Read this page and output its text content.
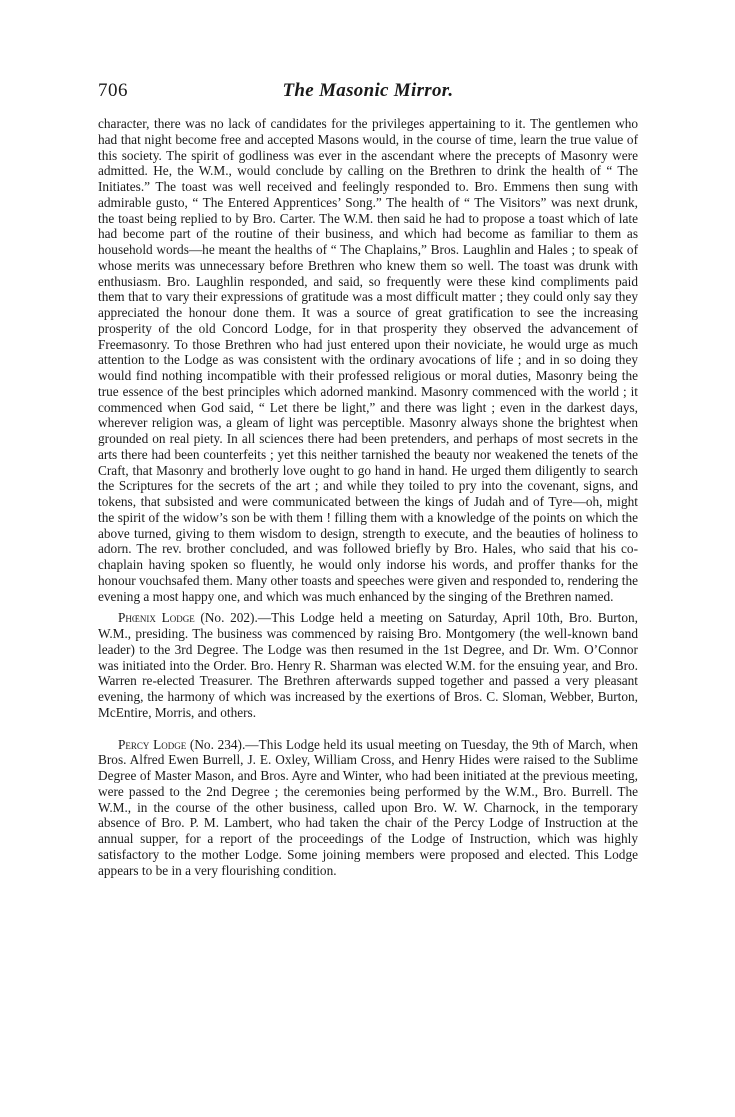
706	The Masonic Mirror.

character, there was no lack of candidates for the privileges appertaining to it. The gentlemen who had that night become free and accepted Masons would, in the course of time, learn the true value of this society. The spirit of godliness was ever in the ascendant where the precepts of Masonry were admitted. He, the W.M., would conclude by calling on the Brethren to drink the health of “ The Initiates.” The toast was well received and feelingly responded to. Bro. Emmens then sung with admirable gusto, “ The Entered Apprentices’ Song.” The health of “ The Visitors” was next drunk, the toast being replied to by Bro. Carter. The W.M. then said he had to propose a toast which of late had become part of the routine of their business, and which had become as familiar to them as household words—he meant the healths of “ The Chaplains,” Bros. Laughlin and Hales ; to speak of whose merits was unnecessary before Brethren who knew them so well. The toast was drunk with enthusiasm. Bro. Laughlin responded, and said, so frequently were these kind compliments paid them that to vary their expressions of gratitude was a most difficult matter ; they could only say they appreciated the honour done them. It was a source of great gratification to see the increasing prosperity of the old Concord Lodge, for in that prosperity they observed the advancement of Freemasonry. To those Brethren who had just entered upon their noviciate, he would urge as much attention to the Lodge as was consistent with the ordinary avocations of life ; and in so doing they would find nothing incompatible with their professed religious or moral duties, Masonry being the true essence of the best principles which adorned mankind. Masonry commenced with the world ; it commenced when God said, “ Let there be light,” and there was light ; even in the darkest days, wherever religion was, a gleam of light was perceptible. Masonry always shone the brightest when grounded on real piety. In all sciences there had been pretenders, and perhaps of most secrets in the arts there had been counterfeits ; yet this neither tarnished the beauty nor weakened the tenets of the Craft, that Masonry and brotherly love ought to go hand in hand. He urged them diligently to search the Scriptures for the secrets of the art ; and while they toiled to pry into the covenant, signs, and tokens, that subsisted and were communicated between the kings of Judah and of Tyre—oh, might the spirit of the widow’s son be with them ! filling them with a knowledge of the points on which the above turned, giving to them wisdom to design, strength to execute, and the beauties of holiness to adorn. The rev. brother concluded, and was followed briefly by Bro. Hales, who said that his co-chaplain having spoken so fluently, he would only indorse his words, and proffer thanks for the honour vouchsafed them. Many other toasts and speeches were given and responded to, rendering the evening a most happy one, and which was much enhanced by the singing of the Brethren named.

Phœnix Lodge (No. 202).—This Lodge held a meeting on Saturday, April 10th, Bro. Burton, W.M., presiding. The business was commenced by raising Bro. Montgomery (the well-known band leader) to the 3rd Degree. The Lodge was then resumed in the 1st Degree, and Dr. Wm. O’Connor was initiated into the Order. Bro. Henry R. Sharman was elected W.M. for the ensuing year, and Bro. Warren re-elected Treasurer. The Brethren afterwards supped together and passed a very pleasant evening, the harmony of which was increased by the exertions of Bros. C. Sloman, Webber, Burton, McEntire, Morris, and others.

Percy Lodge (No. 234).—This Lodge held its usual meeting on Tuesday, the 9th of March, when Bros. Alfred Ewen Burrell, J. E. Oxley, William Cross, and Henry Hides were raised to the Sublime Degree of Master Mason, and Bros. Ayre and Winter, who had been initiated at the previous meeting, were passed to the 2nd Degree ; the ceremonies being performed by the W.M., Bro. Burrell. The W.M., in the course of the other business, called upon Bro. W. W. Charnock, in the temporary absence of Bro. P. M. Lambert, who had taken the chair of the Percy Lodge of Instruction at the annual supper, for a report of the proceedings of the Lodge of Instruction, which was highly satisfactory to the mother Lodge. Some joining members were proposed and elected. This Lodge appears to be in a very flourishing condition.
